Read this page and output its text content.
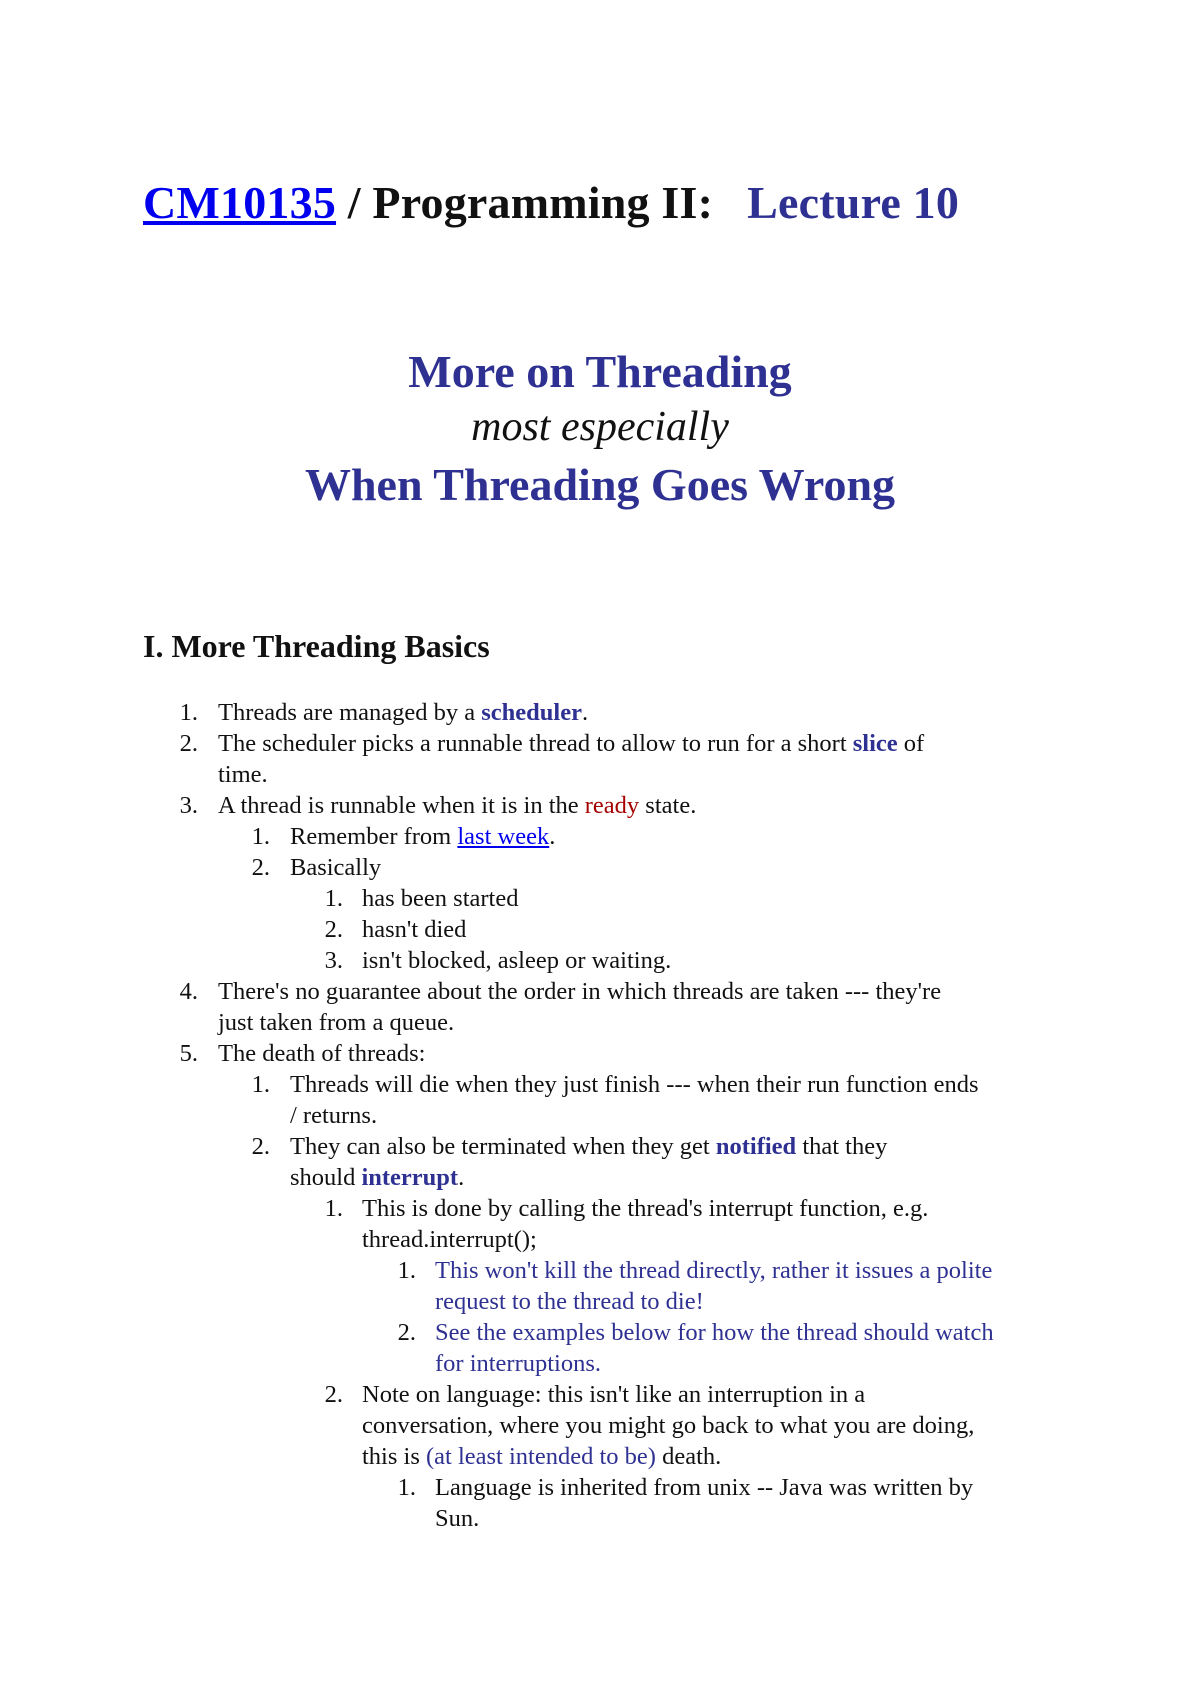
CM10135 / Programming II: Lecture 10
More on Threading
most especially
When Threading Goes Wrong
I. More Threading Basics
1. Threads are managed by a scheduler.
2. The scheduler picks a runnable thread to allow to run for a short slice of
time.
3. A thread is runnable when it is in the ready state.
1. Remember from last week.
2. Basically
1. has been started
2. hasn't died
3. isn't blocked, asleep or waiting.
4. There's no guarantee about the order in which threads are taken --- they're
just taken from a queue.
5. The death of threads:
1. Threads will die when they just finish --- when their run function ends
/ returns.
2. They can also be terminated when they get notified that they
should interrupt.
1. This is done by calling the thread's interrupt function, e.g.
thread.interrupt();
1. This won't kill the thread directly, rather it issues a polite
request to the thread to die!
2. See the examples below for how the thread should watch
for interruptions.
2. Note on language: this isn't like an interruption in a
conversation, where you might go back to what you are doing,
this is (at least intended to be) death.
1. Language is inherited from unix -- Java was written by
Sun.
